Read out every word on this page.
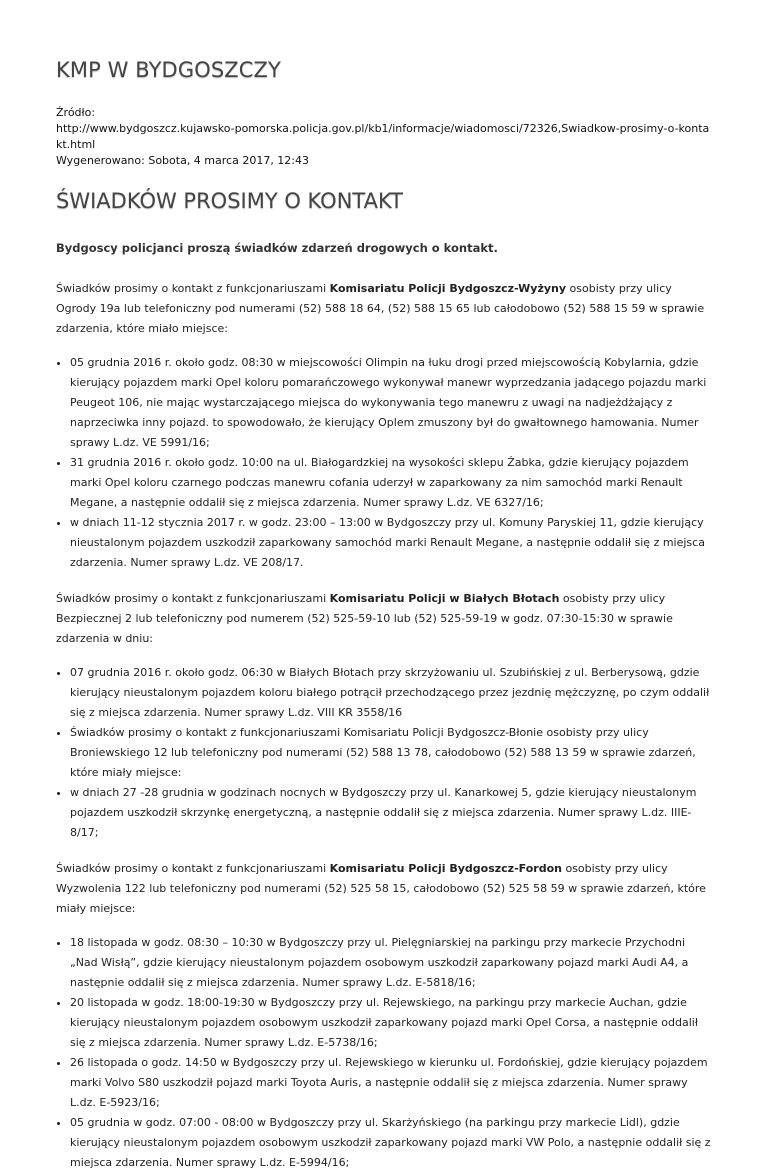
KMP W BYDGOSZCZY
Źródło:
http://www.bydgoszcz.kujawsko-pomorska.policja.gov.pl/kb1/informacje/wiadomosci/72326,Swiadkow-prosimy-o-kontakt.html
Wygenerowano: Sobota, 4 marca 2017, 12:43
ŚWIADKÓW PROSIMY O KONTAKT
Bydgoscy policjanci proszą świadków zdarzeń drogowych o kontakt.

Świadków prosimy o kontakt z funkcjonariuszami Komisariatu Policji Bydgoszcz-Wyżyny osobisty przy ulicy Ogrody 19a lub telefoniczny pod numerami (52) 588 18 64, (52) 588 15 65 lub całodobowo (52) 588 15 59 w sprawie zdarzenia, które miało miejsce:

• 05 grudnia 2016 r. około godz. 08:30 w miejscowości Olimpin na łuku drogi przed miejscowością Kobylarnia, gdzie kierujący pojazdem marki Opel koloru pomarańczowego wykonywał manewr wyprzedzania jadącego pojazdu marki Peugeot 106, nie mając wystarczającego miejsca do wykonywania tego manewru z uwagi na nadjeżdżający z naprzeciwka inny pojazd. to spowodowało, że kierujący Oplem zmuszony był do gwałtownego hamowania. Numer sprawy L.dz. VE 5991/16;
• 31 grudnia 2016 r. około godz. 10:00 na ul. Białogardzkiej na wysokości sklepu Żabka, gdzie kierujący pojazdem marki Opel koloru czarnego podczas manewru cofania uderzył w zaparkowany za nim samochód marki Renault Megane, a następnie oddalił się z miejsca zdarzenia. Numer sprawy L.dz. VE 6327/16;
• w dniach 11-12 stycznia 2017 r. w godz. 23:00 – 13:00 w Bydgoszczy przy ul. Komuny Paryskiej 11, gdzie kierujący nieustalonym pojazdem uszkodził zaparkowany samochód marki Renault Megane, a następnie oddalił się z miejsca zdarzenia. Numer sprawy L.dz. VE 208/17.

Świadków prosimy o kontakt z funkcjonariuszami Komisariatu Policji w Białych Błotach osobisty przy ulicy Bezpiecznej 2 lub telefoniczny pod numerem (52) 525-59-10 lub (52) 525-59-19 w godz. 07:30-15:30 w sprawie zdarzenia w dniu:

• 07 grudnia 2016 r. około godz. 06:30 w Białych Błotach przy skrzyżowaniu ul. Szubińskiej z ul. Berberysową, gdzie kierujący nieustalonym pojazdem koloru białego potrącił przechodzącego przez jezdnię mężczyznę, po czym oddalił się z miejsca zdarzenia. Numer sprawy L.dz. VIII KR 3558/16
• Świadków prosimy o kontakt z funkcjonariuszami Komisariatu Policji Bydgoszcz-Błonie osobisty przy ulicy Broniewskiego 12 lub telefoniczny pod numerami (52) 588 13 78, całodobowo (52) 588 13 59 w sprawie zdarzeń, które miały miejsce:
• w dniach 27 -28 grudnia w godzinach nocnych w Bydgoszczy przy ul. Kanarkowej 5, gdzie kierujący nieustalonym pojazdem uszkodził skrzynkę energetyczną, a następnie oddalił się z miejsca zdarzenia. Numer sprawy L.dz. IIIE- 8/17;

Świadków prosimy o kontakt z funkcjonariuszami Komisariatu Policji Bydgoszcz-Fordon osobisty przy ulicy Wyzwolenia 122 lub telefoniczny pod numerami (52) 525 58 15, całodobowo (52) 525 58 59 w sprawie zdarzeń, które miały miejsce:

• 18 listopada w godz. 08:30 – 10:30 w Bydgoszczy przy ul. Pielęgniarskiej na parkingu przy markecie Przychodni „Nad Wisłą”, gdzie kierujący nieustalonym pojazdem osobowym uszkodził zaparkowany pojazd marki Audi A4, a następnie oddalił się z miejsca zdarzenia. Numer sprawy L.dz. E-5818/16;
• 20 listopada w godz. 18:00-19:30 w Bydgoszczy przy ul. Rejewskiego, na parkingu przy markecie Auchan, gdzie kierujący nieustalonym pojazdem osobowym uszkodził zaparkowany pojazd marki Opel Corsa, a następnie oddalił się z miejsca zdarzenia. Numer sprawy L.dz. E-5738/16;
• 26 listopada o godz. 14:50 w Bydgoszczy przy ul. Rejewskiego w kierunku ul. Fordońskiej, gdzie kierujący pojazdem marki Volvo S80 uszkodził pojazd marki Toyota Auris, a następnie oddalił się z miejsca zdarzenia. Numer sprawy L.dz. E-5923/16;
• 05 grudnia w godz. 07:00 - 08:00 w Bydgoszczy przy ul. Skarżyńskiego (na parkingu przy markecie Lidl), gdzie kierujący nieustalonym pojazdem osobowym uszkodził zaparkowany pojazd marki VW Polo, a następnie oddalił się z miejsca zdarzenia. Numer sprawy L.dz. E-5994/16;
